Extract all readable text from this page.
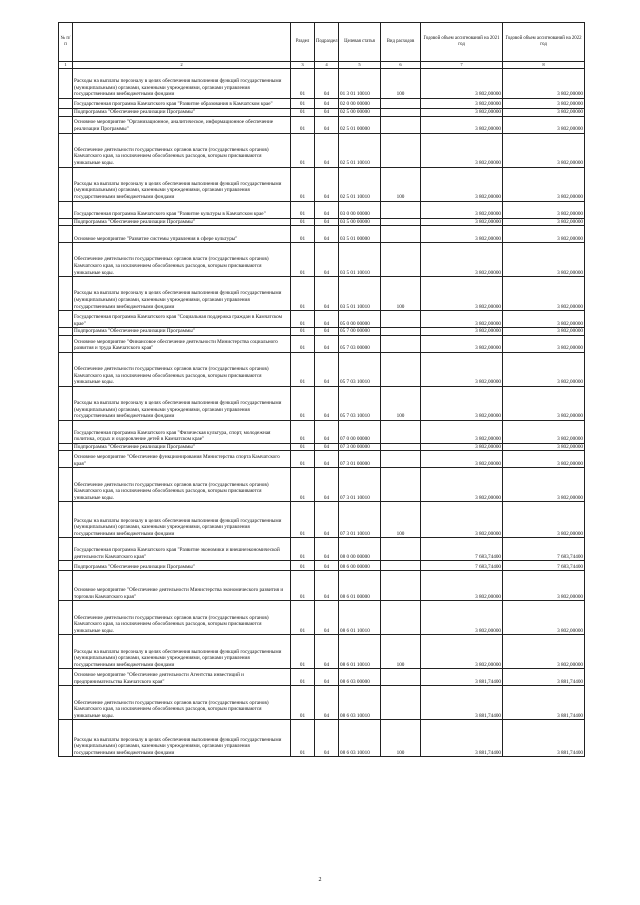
№ п/п		Раздел	Подраздел	Целевая статья	Вид расходов	Годовой объем ассигнований на 2021 год	Годовой объем ассигнований на 2022 год
1	2	3	4	5	6	7	8
	Расходы на выплаты персоналу в целях обеспечения выполнения функций государственными (муниципальными) органами, казенными учреждениями, органами управления государственными внебюджетными фондами	01	04	01 3 01 10010	100	3 802,00000	3 802,00000
	Государственная программа Камчатского края "Развитие образования в Камчатском крае"	01	04	02 0 00 00000		3 802,00000	3 802,00000
	Подпрограмма "Обеспечение реализации Программы"	01	04	02 5 00 00000		3 802,00000	3 802,00000
	Основное мероприятие "Организационное, аналитическое, информационное обеспечение реализации Программы"	01	04	02 5 01 00000		3 802,00000	3 802,00000
	Обеспечение деятельности государственных органов власти (государственных органов) Камчатского края, за исключением обособленных расходов, которым присваиваются уникальные коды.	01	04	02 5 01 10010		3 802,00000	3 802,00000
	Расходы на выплаты персоналу в целях обеспечения выполнения функций государственными (муниципальными) органами, казенными учреждениями, органами управления государственными внебюджетными фондами	01	04	02 5 01 10010	100	3 802,00000	3 802,00000
	Государственная программа Камчатского края "Развитие культуры в Камчатском крае"	01	04	03 0 00 00000		3 802,00000	3 802,00000
	Подпрограмма "Обеспечение реализации Программы"	01	04	03 5 00 00000		3 802,00000	3 802,00000
	Основное мероприятие "Развитие системы управления в сфере культуры"	01	04	03 5 01 00000		3 802,00000	3 802,00000
	Обеспечение деятельности государственных органов власти (государственных органов) Камчатского края, за исключением обособленных расходов, которым присваиваются уникальные коды.	01	04	03 5 01 10010		3 802,00000	3 802,00000
	Расходы на выплаты персоналу в целях обеспечения выполнения функций государственными (муниципальными) органами, казенными учреждениями, органами управления государственными внебюджетными фондами	01	04	03 5 01 10010	100	3 802,00000	3 802,00000
	Государственная программа Камчатского края "Социальная поддержка граждан в Камчатском крае"	01	04	05 0 00 00000		3 802,00000	3 802,00000
	Подпрограмма "Обеспечение реализации Программы"	01	04	05 7 00 00000		3 802,00000	3 802,00000
	Основное мероприятие "Финансовое обеспечение деятельности Министерства социального развития и труда Камчатского края"	01	04	05 7 03 00000		3 802,00000	3 802,00000
	Обеспечение деятельности государственных органов власти (государственных органов) Камчатского края, за исключением обособленных расходов, которым присваиваются уникальные коды.	01	04	05 7 03 10010		3 802,00000	3 802,00000
	Расходы на выплаты персоналу в целях обеспечения выполнения функций государственными (муниципальными) органами, казенными учреждениями, органами управления государственными внебюджетными фондами	01	04	05 7 03 10010	100	3 802,00000	3 802,00000
	Государственная программа Камчатского края "Физическая культура, спорт, молодежная политика, отдых и оздоровление детей в Камчатском крае"	01	04	07 0 00 00000		3 802,00000	3 802,00000
	Подпрограмма "Обеспечение реализации Программы"	01	04	07 3 00 00000		3 802,00000	3 802,00000
	Основное мероприятие "Обеспечение функционирования Министерства спорта Камчатского края"	01	04	07 3 01 00000		3 802,00000	3 802,00000
	Обеспечение деятельности государственных органов власти (государственных органов) Камчатского края, за исключением обособленных расходов, которым присваиваются уникальные коды.	01	04	07 3 01 10010		3 802,00000	3 802,00000
	Расходы на выплаты персоналу в целях обеспечения выполнения функций государственными (муниципальными) органами, казенными учреждениями, органами управления государственными внебюджетными фондами	01	04	07 3 01 10010	100	3 802,00000	3 802,00000
	Государственная программа Камчатского края "Развитие экономики и внешнеэкономической деятельности Камчатского края"	01	04	08 0 00 00000		7 683,74400	7 683,74400
	Подпрограмма "Обеспечение реализации Программы"	01	04	08 6 00 00000		7 683,74400	7 683,74400
	Основное мероприятие "Обеспечение деятельности Министерства экономического развития и торговли Камчатского края"	01	04	08 6 01 00000		3 802,00000	3 802,00000
	Обеспечение деятельности государственных органов власти (государственных органов) Камчатского края, за исключением обособленных расходов, которым присваиваются уникальные коды.	01	04	08 6 01 10010		3 802,00000	3 802,00000
	Расходы на выплаты персоналу в целях обеспечения выполнения функций государственными (муниципальными) органами, казенными учреждениями, органами управления государственными внебюджетными фондами	01	04	08 6 01 10010	100	3 802,00000	3 802,00000
	Основное мероприятие "Обеспечение деятельности Агентства инвестиций и предпринимательства Камчатского края"	01	04	08 6 03 00000		3 881,74400	3 881,74400
	Обеспечение деятельности государственных органов власти (государственных органов) Камчатского края, за исключением обособленных расходов, которым присваиваются уникальные коды.	01	04	08 6 03 10010		3 881,74400	3 881,74400
	Расходы на выплаты персоналу в целях обеспечения выполнения функций государственными (муниципальными) органами, казенными учреждениями, органами управления государственными внебюджетными фондами	01	04	08 6 03 10010	100	3 881,74400	3 881,74400
2
